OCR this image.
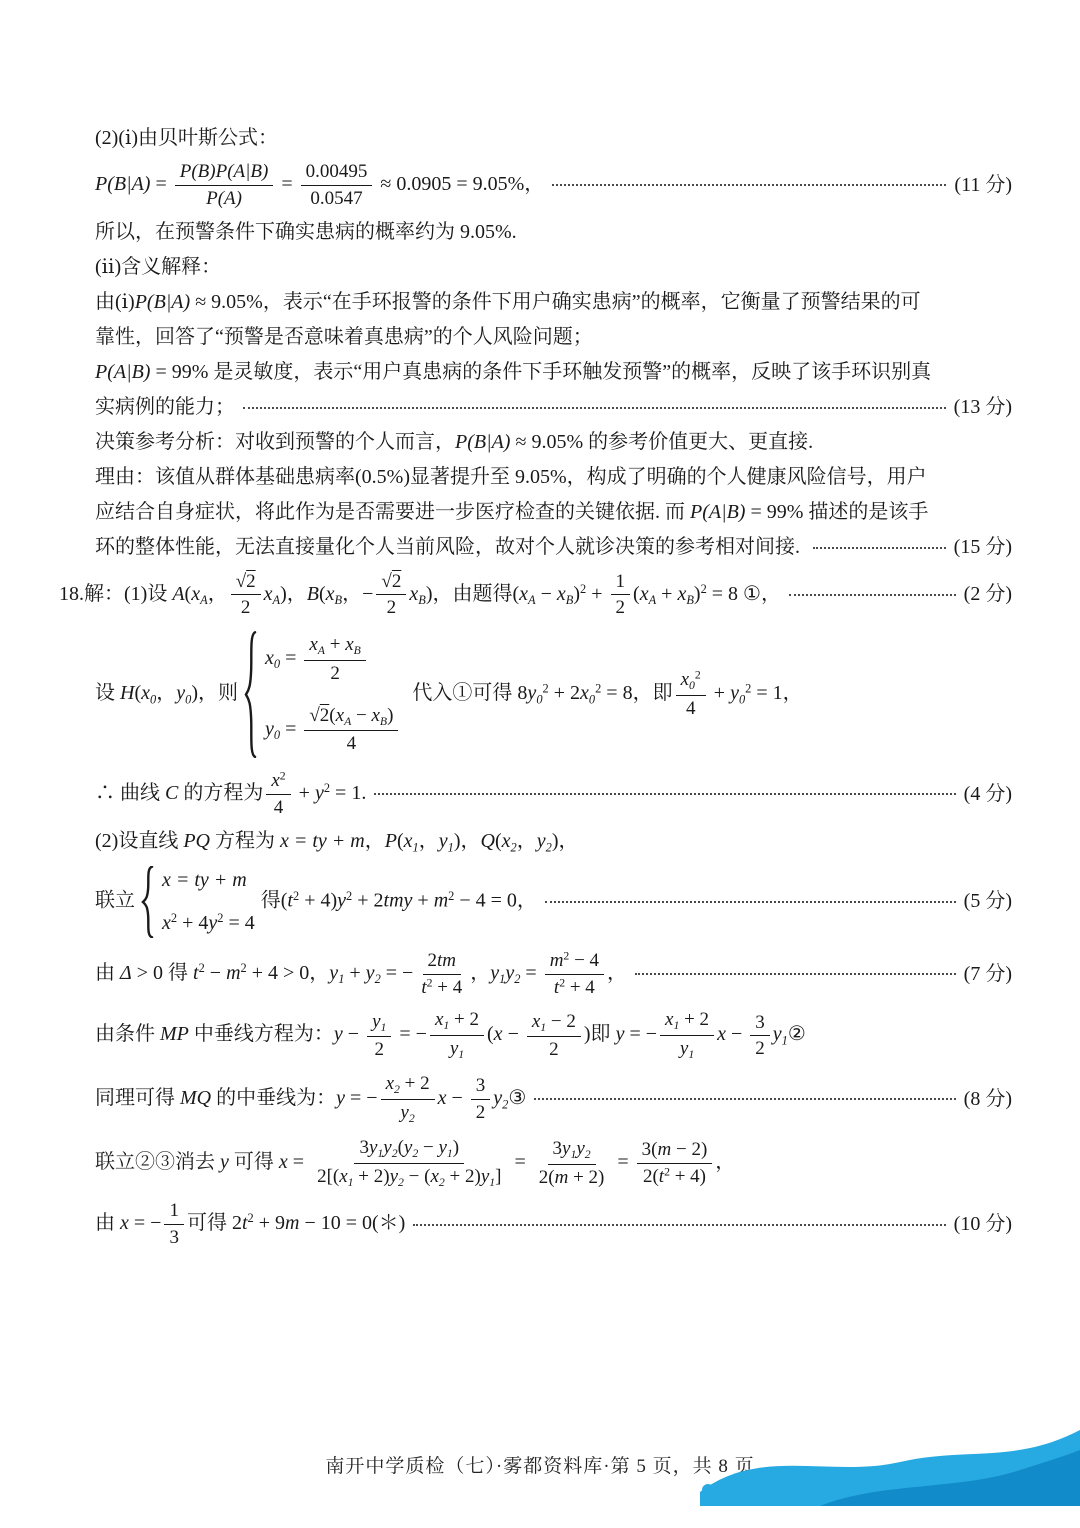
(2)(ⅰ)由贝叶斯公式：
$P(B|A) = \frac{P(B)P(A|B)}{P(A)} = \frac{0.00495}{0.0547} \approx 0.0905 = 9.05\%$，	(11 分)
所以，在预警条件下确实患病的概率约为 9.05%.
(ⅱ)含义解释：
由(ⅰ)P(B|A) ≈ 9.05%，表示“在手环报警的条件下用户确实患病”的概率，它衡量了预警结果的可
靠性，回答了“预警是否意味着真患病”的个人风险问题；
P(A|B) = 99% 是灵敏度，表示“用户真患病的条件下手环触发预警”的概率，反映了该手环识别真
实病例的能力；	(13 分)
决策参考分析：对收到预警的个人而言，P(B|A) ≈ 9.05% 的参考价值更大、更直接.
理由：该值从群体基础患病率(0.5%)显著提升至 9.05%，构成了明确的个人健康风险信号，用户
应结合自身症状，将此作为是否需要进一步医疗检查的关键依据. 而 P(A|B) = 99% 描述的是该手
环的整体性能，无法直接量化个人当前风险，故对个人就诊决策的参考相对间接.	(15 分)
18.解：(1)设 $A(x_A$， $\frac{√2}{2} x_A$)，$B(x_B$，− $\frac{√2}{2} x_B$)，由题得$(x_A - x_B)^2 + \frac{1}{2} (x_A + x_B)^2 = 8$ ①，	(2 分)
设 $H(x_0$，$y_0$)，则
$x_0 = \frac{x_A + x_B}{2}$
$y_0 = \frac{√2(x_A - x_B)}{4}$
代入①可得 $8y_0^2 + 2x_0^2 = 8$，即 $\frac{x_0^2}{4} + y_0^2 = 1$，
∴ 曲线 C 的方程为 $\frac{x^2}{4} + y^2 = 1$.	(4 分)
(2)设直线 PQ 方程为 x = ty + m，$P(x_1$，$y_1$)，$Q(x_2$，$y_2$)，
联立
x = ty + m
$x^2 + 4y^2 = 4$
得$(t^2 + 4)y^2 + 2tmy + m^2 - 4 = 0$，	(5 分)
由 Δ > 0 得 $t^2 - m^2 + 4 > 0$，$y_1 + y_2$ = − $\frac{2tm}{t^2 + 4}$ ，$y_1y_2 = \frac{m^2 - 4}{t^2 + 4}$ ，	(7 分)
由条件 MP 中垂线方程为：$y - \frac{y_1}{2}$ = − $\frac{x_1 + 2}{y_1} (x - \frac{x_1 - 2}{2}$ )即 y = − $\frac{x_1 + 2}{y_1}$ $x - \frac{3}{2}$ $y_1②$
同理可得 MQ 的中垂线为：y = − $\frac{x_2 + 2}{y_2}$ $x - \frac{3}{2}$ $y_2③$	(8 分)
联立②③消去 y 可得 $x = \frac{3y_1y_2(y_2 - y_1)}{2[(x_1 + 2)y_2 - (x_2 + 2)y_1]} = \frac{3y_1y_2}{2(m + 2)} = \frac{3(m - 2)}{2(t^2 + 4)}$ ，
由 x = − $\frac{1}{3}$ 可得 $2t^2 + 9m - 10$ = 0(＊)	(10 分)
南开中学质检（七）·雾都资料库·第 5 页，共 8 页
